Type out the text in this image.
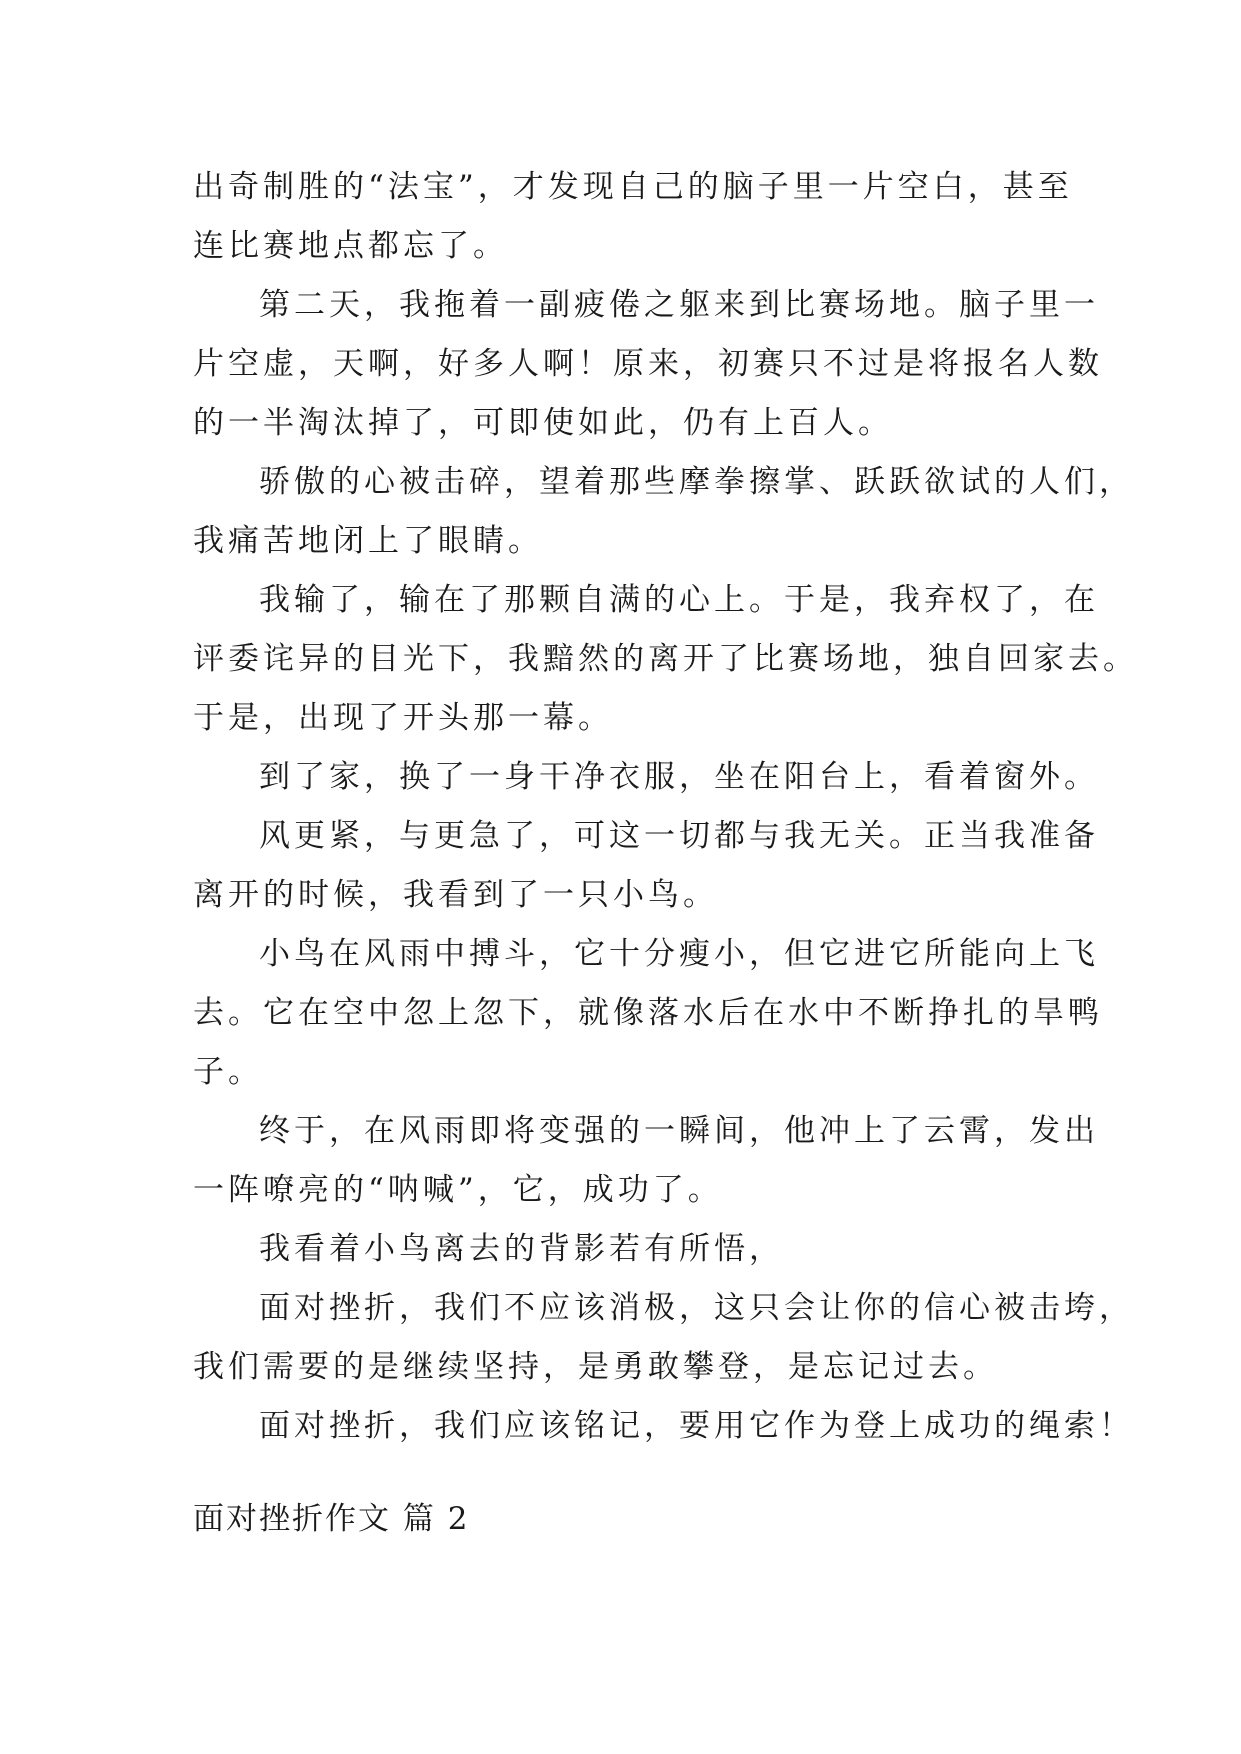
出奇制胜的“法宝”，才发现自己的脑子里一片空白，甚至
连比赛地点都忘了。
第二天，我拖着一副疲倦之躯来到比赛场地。脑子里一
片空虚，天啊，好多人啊！原来，初赛只不过是将报名人数
的一半淘汰掉了，可即使如此，仍有上百人。
骄傲的心被击碎，望着那些摩拳擦掌、跃跃欲试的人们，
我痛苦地闭上了眼睛。
我输了，输在了那颗自满的心上。于是，我弃权了，在
评委诧异的目光下，我黯然的离开了比赛场地，独自回家去。
于是，出现了开头那一幕。
到了家，换了一身干净衣服，坐在阳台上，看着窗外。
风更紧，与更急了，可这一切都与我无关。正当我准备
离开的时候，我看到了一只小鸟。
小鸟在风雨中搏斗，它十分瘦小，但它进它所能向上飞
去。它在空中忽上忽下，就像落水后在水中不断挣扎的旱鸭
子。
终于，在风雨即将变强的一瞬间，他冲上了云霄，发出
一阵嘹亮的“呐喊”，它，成功了。
我看着小鸟离去的背影若有所悟，
面对挫折，我们不应该消极，这只会让你的信心被击垮，
我们需要的是继续坚持，是勇敢攀登，是忘记过去。
面对挫折，我们应该铭记，要用它作为登上成功的绳索！
面对挫折作文 篇 2
